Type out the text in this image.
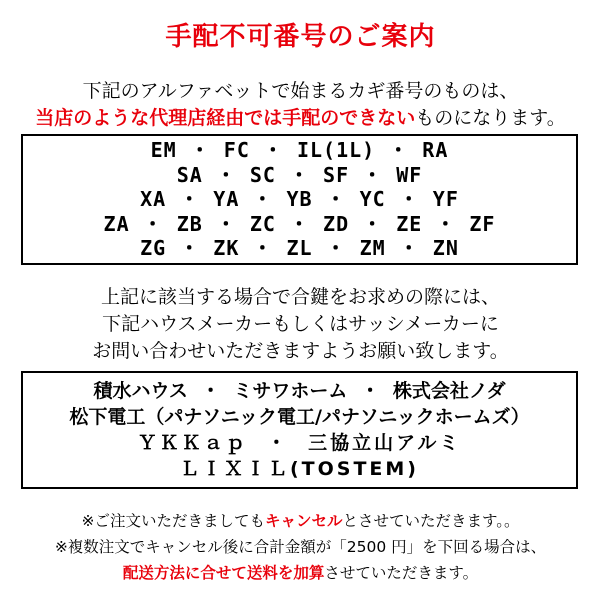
手配不可番号のご案内
下記のアルファベットで始まるカギ番号のものは、
当店のような代理店経由では手配のできないものになります。
EM ・ FC ・ IL(1L) ・ RA
SA ・ SC ・ SF ・ WF
XA ・ YA ・ YB ・ YC ・ YF
ZA ・ ZB ・ ZC ・ ZD ・ ZE ・ ZF
ZG ・ ZK ・ ZL ・ ZM ・ ZN
上記に該当する場合で合鍵をお求めの際には、
下記ハウスメーカーもしくはサッシメーカーに
お問い合わせいただきますようお願い致します。
積水ハウス  ・  ミサワホーム  ・  株式会社ノダ
松下電工（パナソニック電工/パナソニックホームズ）
ＹＫＫａｐ  ・  三協立山アルミ
ＬＩＸＩＬ(TOSTEM)
※ご注文いただきましてもキャンセルとさせていただきます。。
※複数注文でキャンセル後に合計金額が「2500 円」を下回る場合は、
配送方法に合せて送料を加算させていただきます。
